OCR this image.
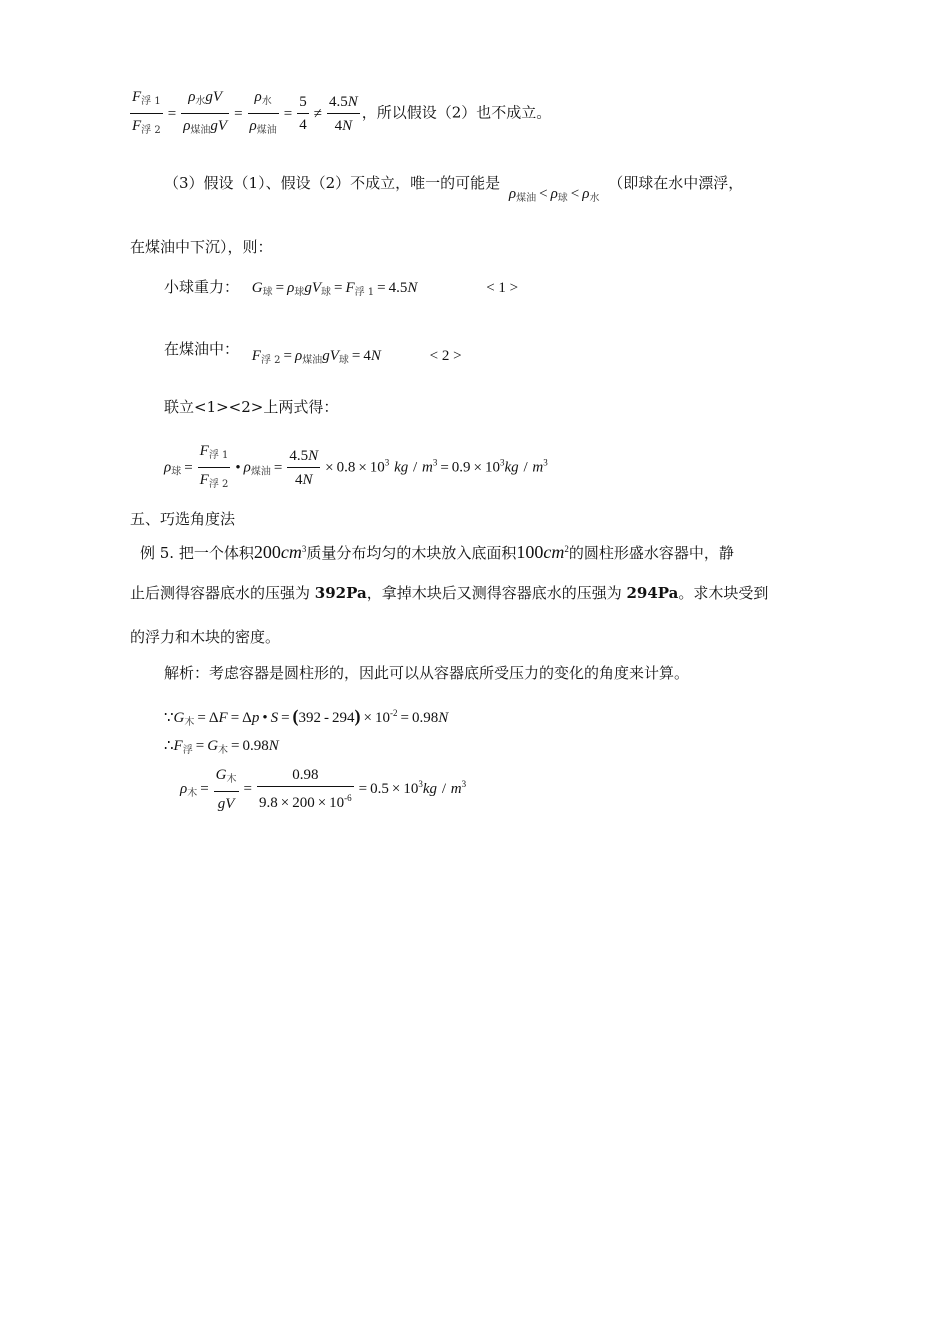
$\frac{F_{浮 1}}{F_{浮 2}} = \frac{\rho_水gV}{\rho_{煤油}gV} = \frac{\rho_水}{\rho_{煤油}} = \frac{5}{4} \ne \frac{4.5N}{4N}$ ，所以假设（2）也不成立。
（3）假设（1）、假设（2）不成立，唯一的可能是 $\rho_{煤油} < \rho_球 < \rho_水$ （即球在水中漂浮，
在煤油中下沉），则：
小球重力： $G_球 = \rho_球gV_球 = F_{浮 1} = 4.5N$	< 1 >
在煤油中： $F_{浮 2} = \rho_{煤油}gV_球 = 4N$	< 2 >
联立<1><2>上两式得：
$\rho_球 = \frac{F_{浮 1}}{F_{浮 2}}$ • $\rho_{煤油} = \frac{4.5N}{4N} \times 0.8 \times 10^3$ kg / $m^3 = 0.9 \times 10^3kg / m^3$
五、巧选角度法
例 5. 把一个体积$200cm^3$质量分布均匀的木块放入底面积$100cm^2$的圆柱形盛水容器中，静
止后测得容器底水的压强为 392Pa，拿掉木块后又测得容器底水的压强为 294Pa。求木块受到
的浮力和木块的密度。
解析：考虑容器是圆柱形的，因此可以从容器底所受压力的变化的角度来计算。
$\because G_木 = \Delta F = \Delta p$ • $S = (392 - 294) \times 10^{-2} = 0.98N$
$\therefore F_浮 = G_木 = 0.98N$
$\rho_木 = \frac{G_木}{gV} = \frac{0.98}{9.8 \times 200 \times 10^{-6}} = 0.5 \times 10^3kg / m^3$
